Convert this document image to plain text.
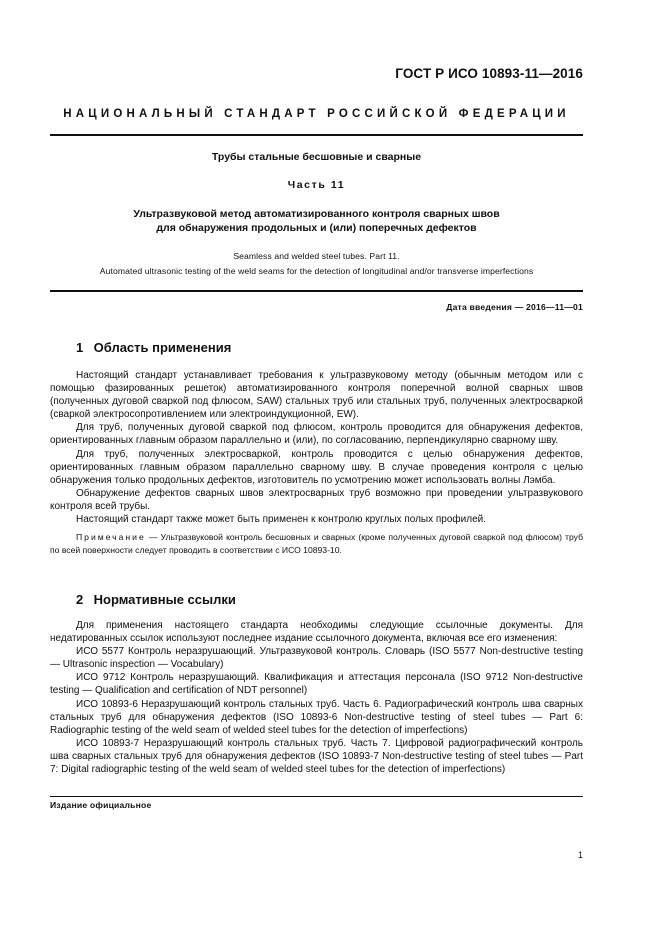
ГОСТ Р ИСО 10893-11—2016
НАЦИОНАЛЬНЫЙ СТАНДАРТ РОССИЙСКОЙ ФЕДЕРАЦИИ
Трубы стальные бесшовные и сварные
Часть 11
Ультразвуковой метод автоматизированного контроля сварных швов
для обнаружения продольных и (или) поперечных дефектов
Seamless and welded steel tubes. Part 11.
Automated ultrasonic testing of the weld seams for the detection of longitudinal and/or transverse imperfections
Дата введения — 2016—11—01
1 Область применения

Настоящий стандарт устанавливает требования к ультразвуковому методу (обычным методом или с помощью фазированных решеток) автоматизированного контроля поперечной волной сварных швов (полученных дуговой сваркой под флюсом, SAW) стальных труб или стальных труб, полученных электросваркой (сваркой электросопротивлением или электроиндукционной, EW).

Для труб, полученных дуговой сваркой под флюсом, контроль проводится для обнаружения дефектов, ориентированных главным образом параллельно и (или), по согласованию, перпендикулярно сварному шву.

Для труб, полученных электросваркой, контроль проводится с целью обнаружения дефектов, ориентированных главным образом параллельно сварному шву. В случае проведения контроля с целью обнаружения только продольных дефектов, изготовитель по усмотрению может использовать волны Лэмба.

Обнаружение дефектов сварных швов электросварных труб возможно при проведении ультразвукового контроля всей трубы.

Настоящий стандарт также может быть применен к контролю круглых полых профилей.

Примечание — Ультразвуковой контроль бесшовных и сварных (кроме полученных дуговой сваркой под флюсом) труб по всей поверхности следует проводить в соответствии с ИСО 10893-10.

2 Нормативные ссылки

Для применения настоящего стандарта необходимы следующие ссылочные документы. Для недатированных ссылок используют последнее издание ссылочного документа, включая все его изменения:

ИСО 5577 Контроль неразрушающий. Ультразвуковой контроль. Словарь (ISO 5577 Non-destructive testing — Ultrasonic inspection — Vocabulary)

ИСО 9712 Контроль неразрушающий. Квалификация и аттестация персонала (ISO 9712 Non-destructive testing — Qualification and certification of NDT personnel)

ИСО 10893-6 Неразрушающий контроль стальных труб. Часть 6. Радиографический контроль шва сварных стальных труб для обнаружения дефектов (ISO 10893-6 Non-destructive testing of steel tubes — Part 6: Radiographic testing of the weld seam of welded steel tubes for the detection of imperfections)

ИСО 10893-7 Неразрушающий контроль стальных труб. Часть 7. Цифровой радиографический контроль шва сварных стальных труб для обнаружения дефектов (ISO 10893-7 Non-destructive testing of steel tubes — Part 7: Digital radiographic testing of the weld seam of welded steel tubes for the detection of imperfections)

Издание официальное
1
